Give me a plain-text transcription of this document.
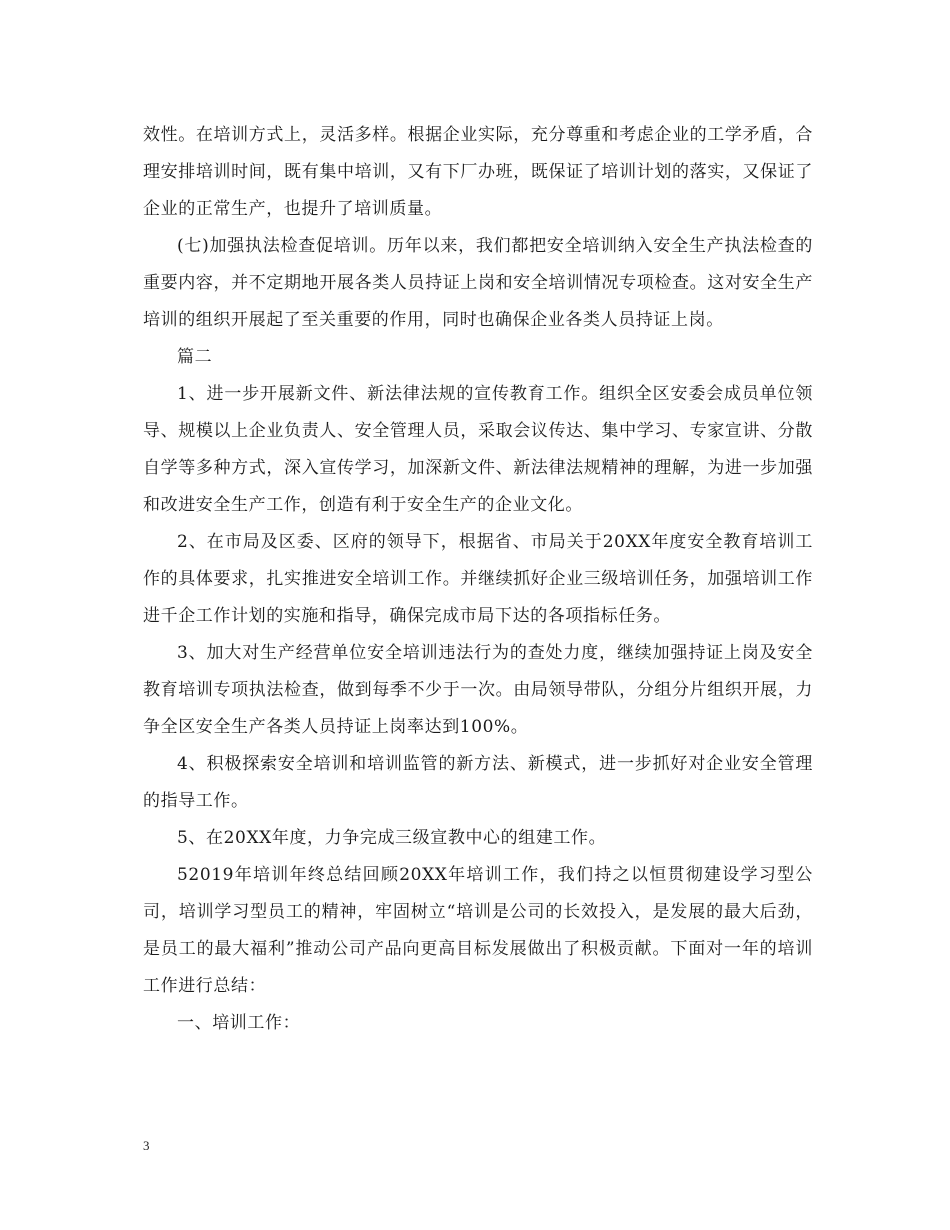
效性。在培训方式上，灵活多样。根据企业实际，充分尊重和考虑企业的工学矛盾，合理安排培训时间，既有集中培训，又有下厂办班，既保证了培训计划的落实，又保证了企业的正常生产，也提升了培训质量。

(七)加强执法检查促培训。历年以来，我们都把安全培训纳入安全生产执法检查的重要内容，并不定期地开展各类人员持证上岗和安全培训情况专项检查。这对安全生产培训的组织开展起了至关重要的作用，同时也确保企业各类人员持证上岗。

篇二

1、进一步开展新文件、新法律法规的宣传教育工作。组织全区安委会成员单位领导、规模以上企业负责人、安全管理人员，采取会议传达、集中学习、专家宣讲、分散自学等多种方式，深入宣传学习，加深新文件、新法律法规精神的理解，为进一步加强和改进安全生产工作，创造有利于安全生产的企业文化。

2、在市局及区委、区府的领导下，根据省、市局关于20XX年度安全教育培训工作的具体要求，扎实推进安全培训工作。并继续抓好企业三级培训任务，加强培训工作进千企工作计划的实施和指导，确保完成市局下达的各项指标任务。

3、加大对生产经营单位安全培训违法行为的查处力度，继续加强持证上岗及安全教育培训专项执法检查，做到每季不少于一次。由局领导带队，分组分片组织开展，力争全区安全生产各类人员持证上岗率达到100%。

4、积极探索安全培训和培训监管的新方法、新模式，进一步抓好对企业安全管理的指导工作。

5、在20XX年度，力争完成三级宣教中心的组建工作。

52019年培训年终总结回顾20XX年培训工作，我们持之以恒贯彻建设学习型公司，培训学习型员工的精神，牢固树立“培训是公司的长效投入，是发展的最大后劲，是员工的最大福利”推动公司产品向更高目标发展做出了积极贡献。下面对一年的培训工作进行总结：

一、培训工作：

3
